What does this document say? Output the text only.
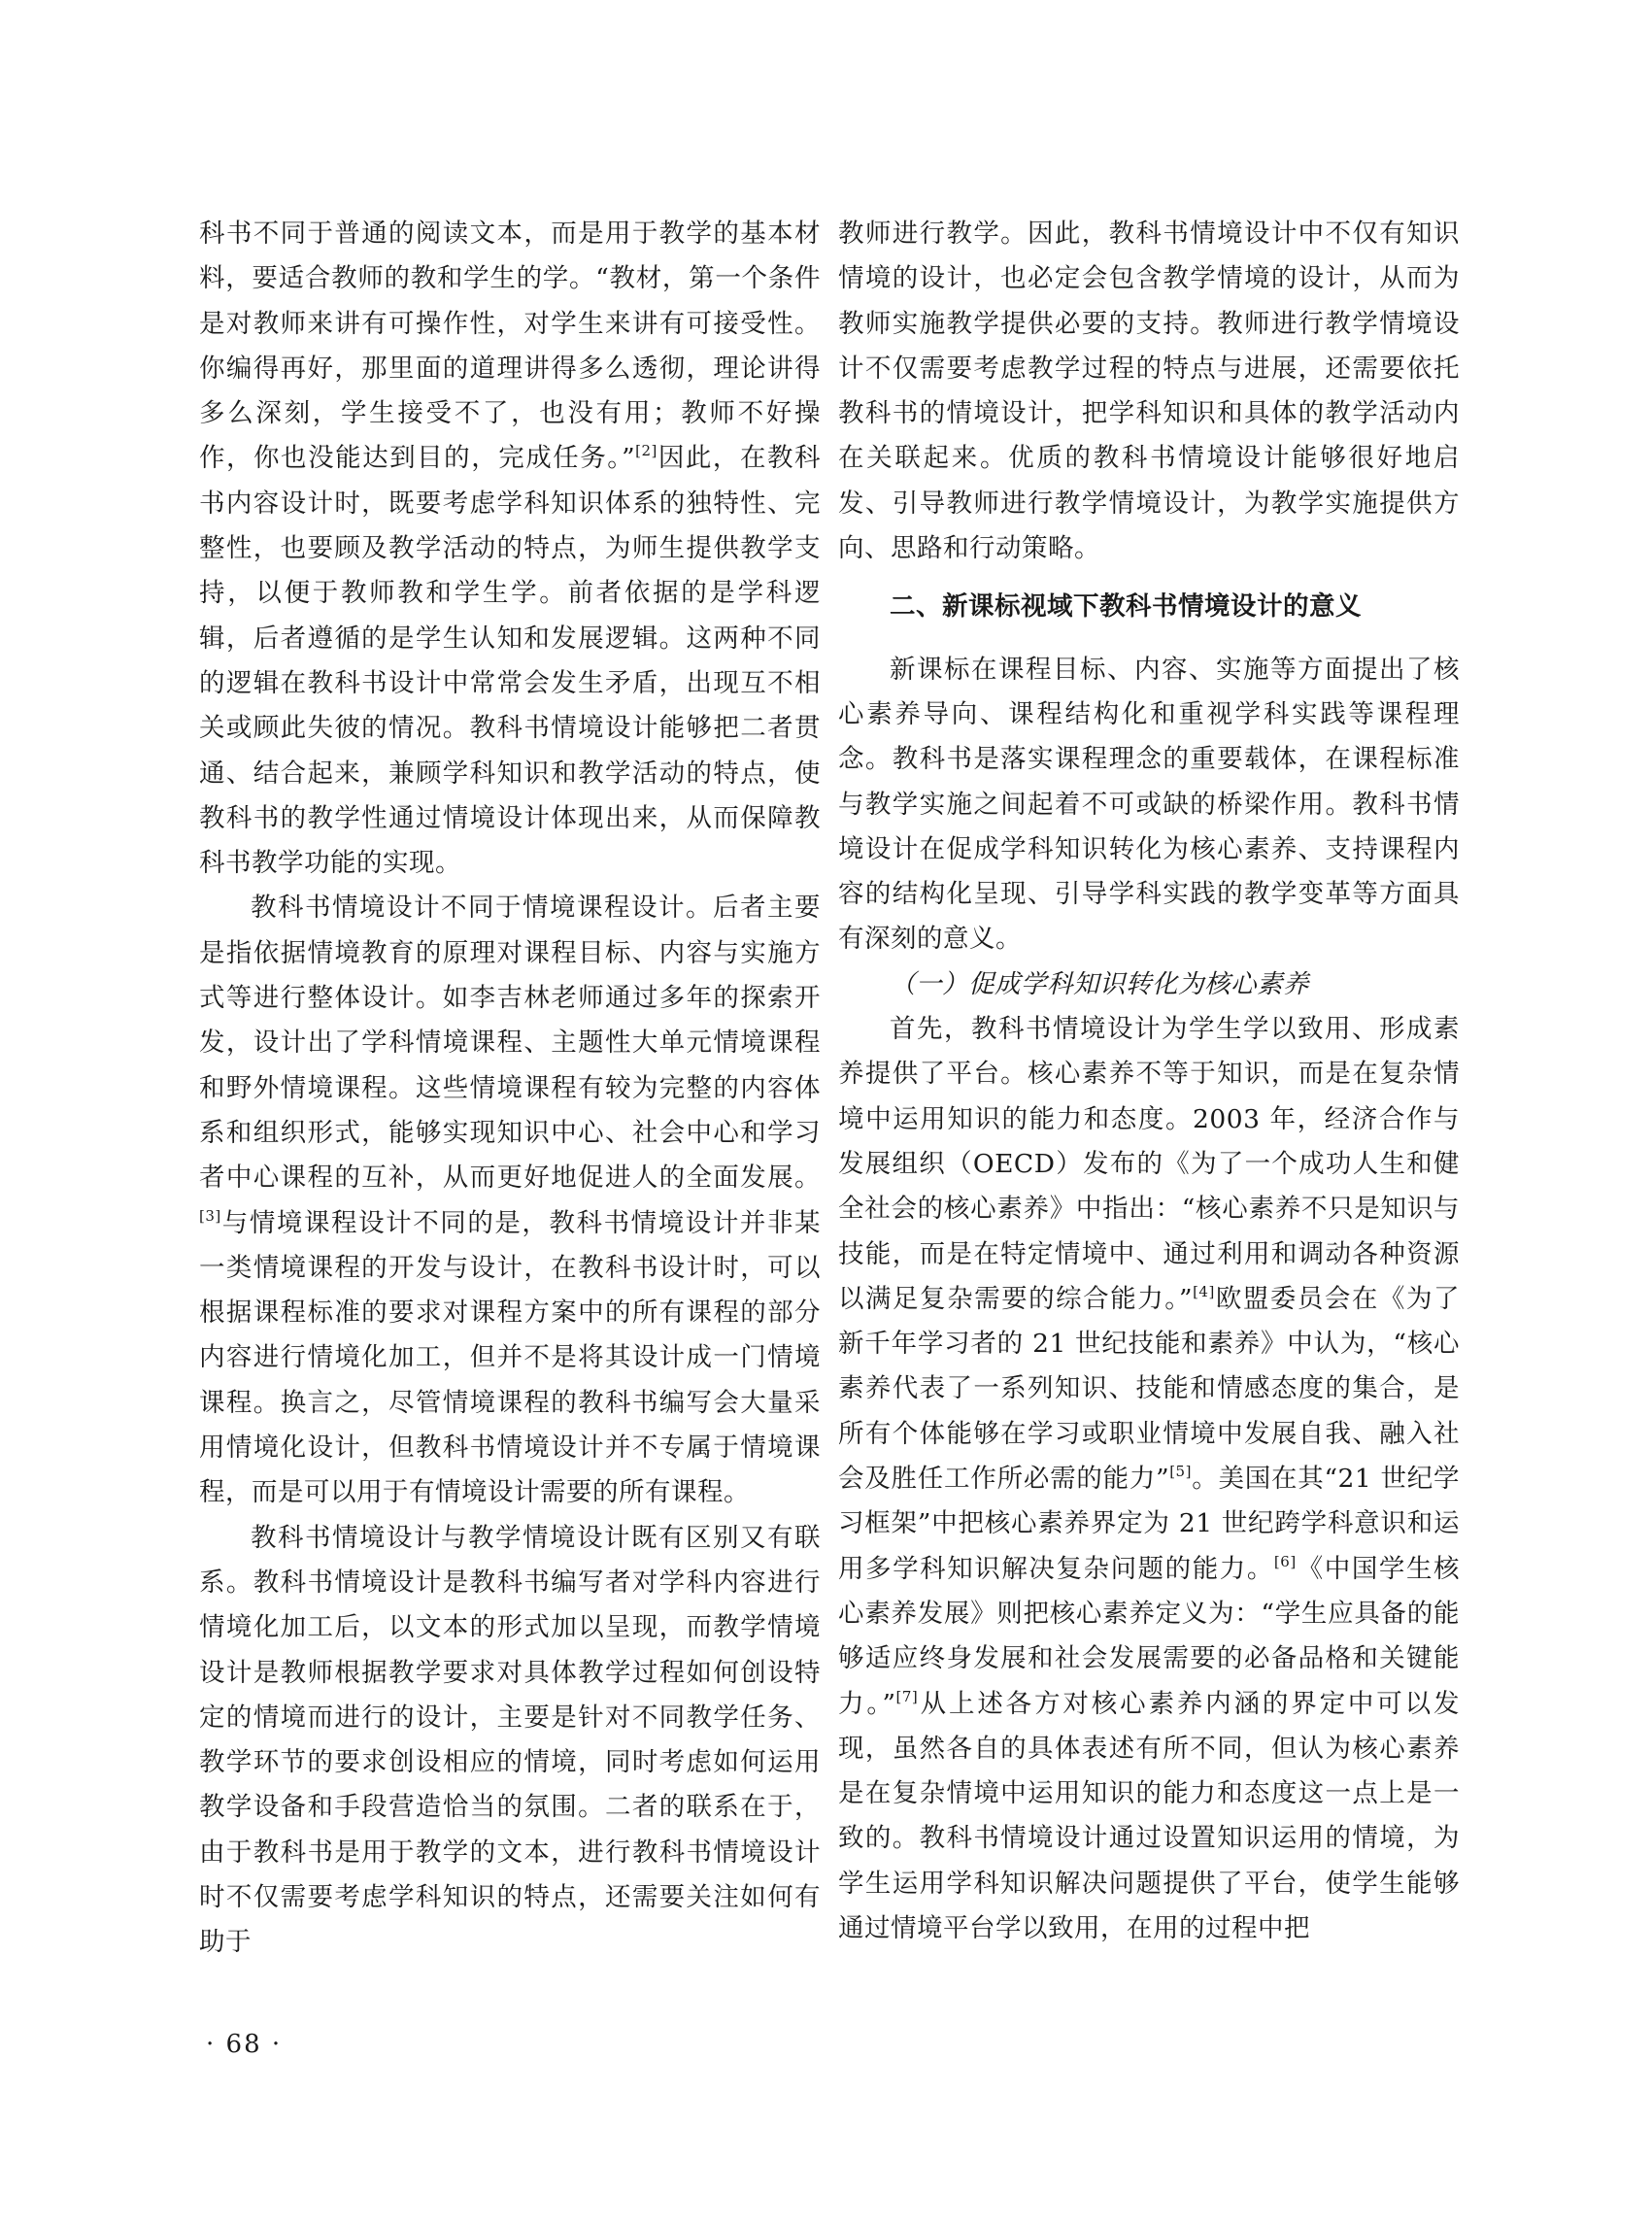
科书不同于普通的阅读文本，而是用于教学的基本材料，要适合教师的教和学生的学。“教材，第一个条件是对教师来讲有可操作性，对学生来讲有可接受性。你编得再好，那里面的道理讲得多么透彻，理论讲得多么深刻，学生接受不了，也没有用；教师不好操作，你也没能达到目的，完成任务。”[2]因此，在教科书内容设计时，既要考虑学科知识体系的独特性、完整性，也要顾及教学活动的特点，为师生提供教学支持，以便于教师教和学生学。前者依据的是学科逻辑，后者遵循的是学生认知和发展逻辑。这两种不同的逻辑在教科书设计中常常会发生矛盾，出现互不相关或顾此失彼的情况。教科书情境设计能够把二者贯通、结合起来，兼顾学科知识和教学活动的特点，使教科书的教学性通过情境设计体现出来，从而保障教科书教学功能的实现。

教科书情境设计不同于情境课程设计。后者主要是指依据情境教育的原理对课程目标、内容与实施方式等进行整体设计。如李吉林老师通过多年的探索开发，设计出了学科情境课程、主题性大单元情境课程和野外情境课程。这些情境课程有较为完整的内容体系和组织形式，能够实现知识中心、社会中心和学习者中心课程的互补，从而更好地促进人的全面发展。[3]与情境课程设计不同的是，教科书情境设计并非某一类情境课程的开发与设计，在教科书设计时，可以根据课程标准的要求对课程方案中的所有课程的部分内容进行情境化加工，但并不是将其设计成一门情境课程。换言之，尽管情境课程的教科书编写会大量采用情境化设计，但教科书情境设计并不专属于情境课程，而是可以用于有情境设计需要的所有课程。

教科书情境设计与教学情境设计既有区别又有联系。教科书情境设计是教科书编写者对学科内容进行情境化加工后，以文本的形式加以呈现，而教学情境设计是教师根据教学要求对具体教学过程如何创设特定的情境而进行的设计，主要是针对不同教学任务、教学环节的要求创设相应的情境，同时考虑如何运用教学设备和手段营造恰当的氛围。二者的联系在于，由于教科书是用于教学的文本，进行教科书情境设计时不仅需要考虑学科知识的特点，还需要关注如何有助于

教师进行教学。因此，教科书情境设计中不仅有知识情境的设计，也必定会包含教学情境的设计，从而为教师实施教学提供必要的支持。教师进行教学情境设计不仅需要考虑教学过程的特点与进展，还需要依托教科书的情境设计，把学科知识和具体的教学活动内在关联起来。优质的教科书情境设计能够很好地启发、引导教师进行教学情境设计，为教学实施提供方向、思路和行动策略。

二、新课标视域下教科书情境设计的意义

新课标在课程目标、内容、实施等方面提出了核心素养导向、课程结构化和重视学科实践等课程理念。教科书是落实课程理念的重要载体，在课程标准与教学实施之间起着不可或缺的桥梁作用。教科书情境设计在促成学科知识转化为核心素养、支持课程内容的结构化呈现、引导学科实践的教学变革等方面具有深刻的意义。

（一）促成学科知识转化为核心素养

首先，教科书情境设计为学生学以致用、形成素养提供了平台。核心素养不等于知识，而是在复杂情境中运用知识的能力和态度。2003 年，经济合作与发展组织（OECD）发布的《为了一个成功人生和健全社会的核心素养》中指出：“核心素养不只是知识与技能，而是在特定情境中、通过利用和调动各种资源以满足复杂需要的综合能力。”[4]欧盟委员会在《为了新千年学习者的 21 世纪技能和素养》中认为，“核心素养代表了一系列知识、技能和情感态度的集合，是所有个体能够在学习或职业情境中发展自我、融入社会及胜任工作所必需的能力”[5]。美国在其“21 世纪学习框架”中把核心素养界定为 21 世纪跨学科意识和运用多学科知识解决复杂问题的能力。[6]《中国学生核心素养发展》则把核心素养定义为：“学生应具备的能够适应终身发展和社会发展需要的必备品格和关键能力。”[7]从上述各方对核心素养内涵的界定中可以发现，虽然各自的具体表述有所不同，但认为核心素养是在复杂情境中运用知识的能力和态度这一点上是一致的。教科书情境设计通过设置知识运用的情境，为学生运用学科知识解决问题提供了平台，使学生能够通过情境平台学以致用，在用的过程中把

· 68 ·
